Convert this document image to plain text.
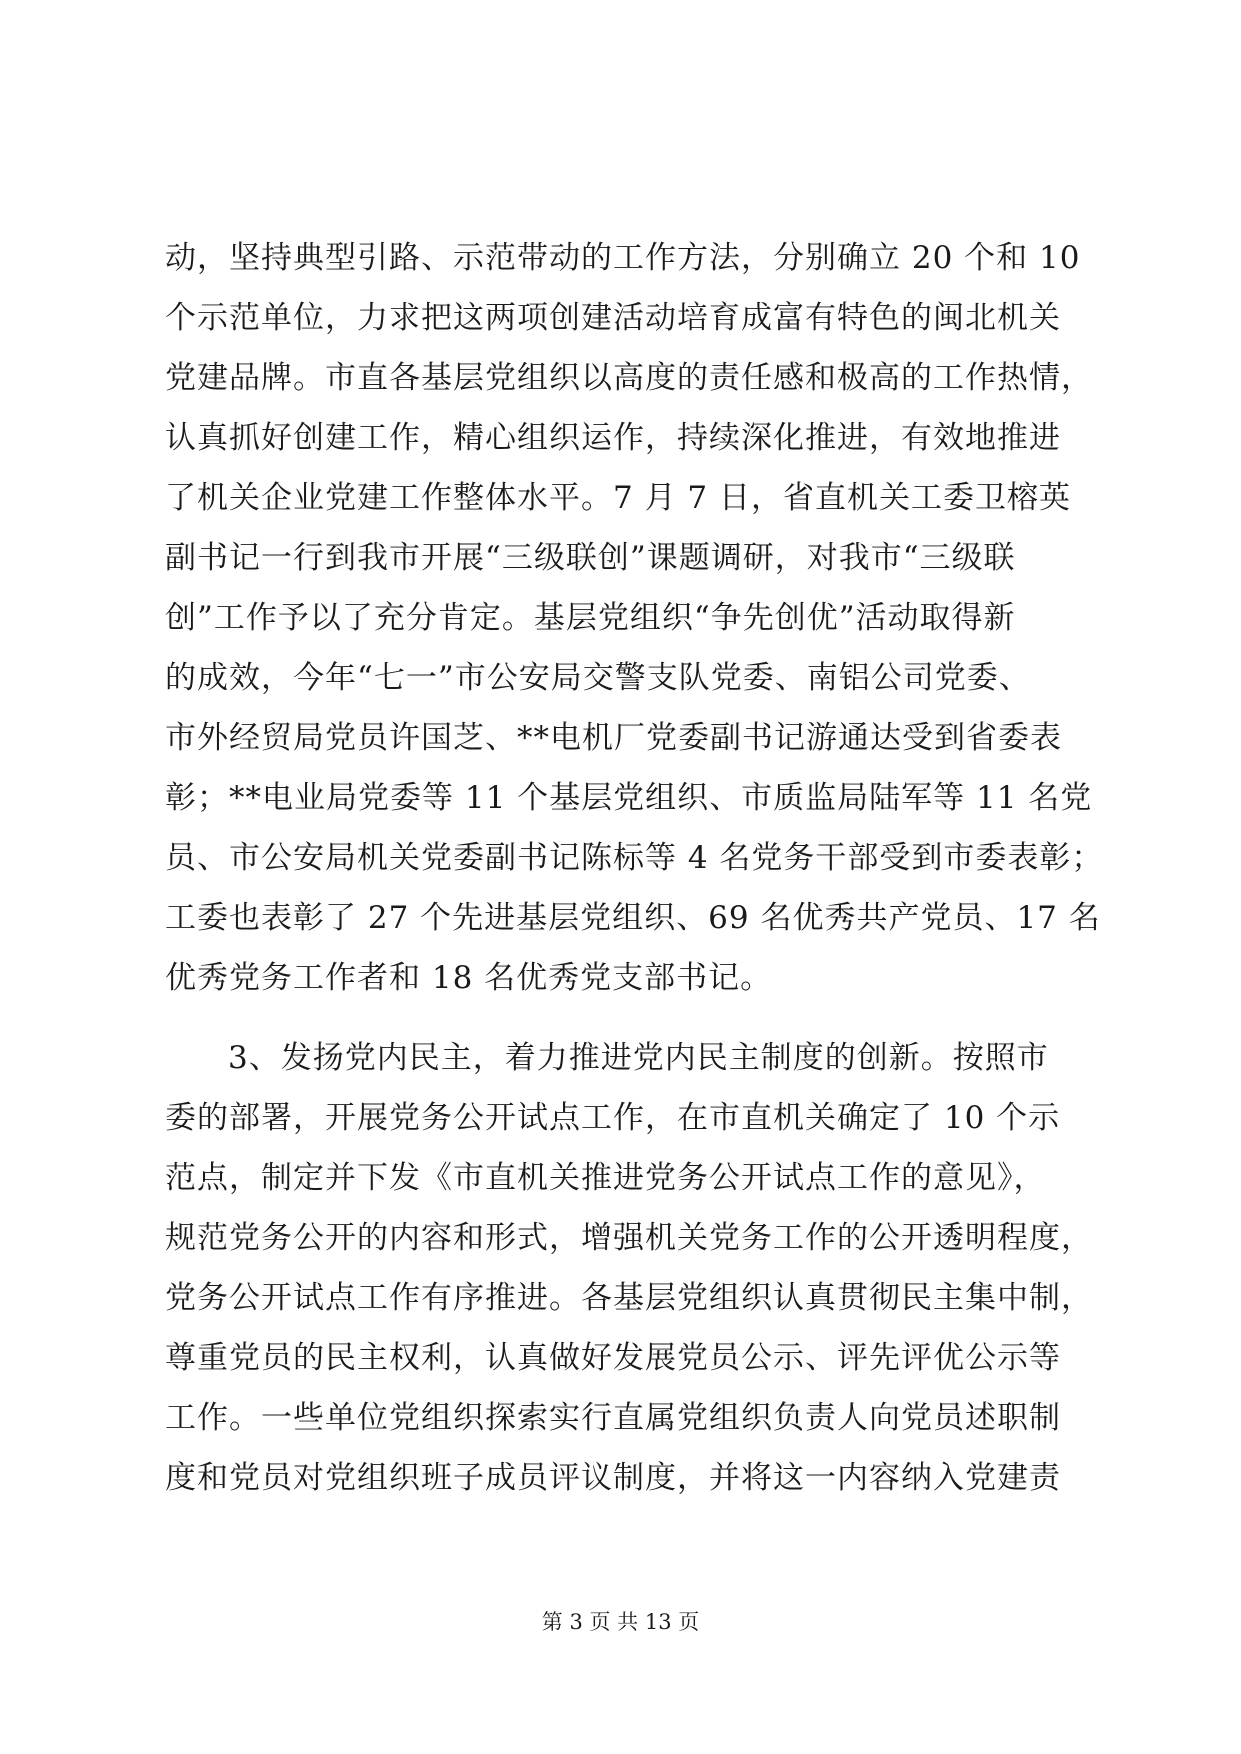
动，坚持典型引路、示范带动的工作方法，分别确立 20 个和 10
个示范单位，力求把这两项创建活动培育成富有特色的闽北机关
党建品牌。市直各基层党组织以高度的责任感和极高的工作热情，
认真抓好创建工作，精心组织运作，持续深化推进，有效地推进
了机关企业党建工作整体水平。7 月 7 日，省直机关工委卫榕英
副书记一行到我市开展“三级联创”课题调研，对我市“三级联
创”工作予以了充分肯定。基层党组织“争先创优”活动取得新
的成效，今年“七一”市公安局交警支队党委、南铝公司党委、
市外经贸局党员许国芝、**电机厂党委副书记游通达受到省委表
彰；**电业局党委等 11 个基层党组织、市质监局陆军等 11 名党
员、市公安局机关党委副书记陈标等 4 名党务干部受到市委表彰；
工委也表彰了 27 个先进基层党组织、69 名优秀共产党员、17 名
优秀党务工作者和 18 名优秀党支部书记。
3、发扬党内民主，着力推进党内民主制度的创新。按照市
委的部署，开展党务公开试点工作，在市直机关确定了 10 个示
范点，制定并下发《市直机关推进党务公开试点工作的意见》，
规范党务公开的内容和形式，增强机关党务工作的公开透明程度，
党务公开试点工作有序推进。各基层党组织认真贯彻民主集中制，
尊重党员的民主权利，认真做好发展党员公示、评先评优公示等
工作。一些单位党组织探索实行直属党组织负责人向党员述职制
度和党员对党组织班子成员评议制度，并将这一内容纳入党建责
第 3 页 共 13 页
